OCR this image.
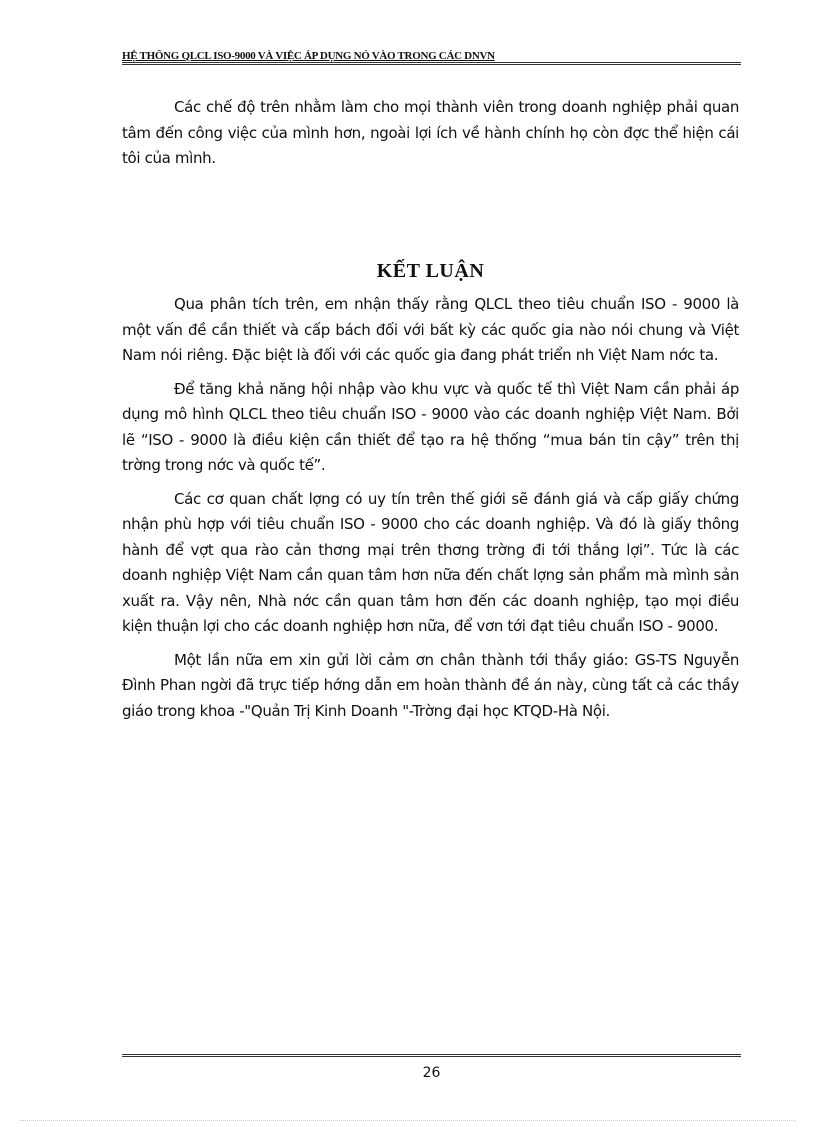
HỆ THỐNG QLCL ISO-9000 VÀ VIỆC ÁP DỤNG NÓ VÀO TRONG CÁC DNVN

Các chế độ trên nhằm làm cho mọi thành viên trong doanh nghiệp phải quan tâm đến công việc của mình hơn, ngoài lợi ích về hành chính họ còn đợc thể hiện cái tôi của mình.

KẾT LUẬN

Qua phân tích trên, em nhận thấy rằng QLCL theo tiêu chuẩn ISO - 9000 là một vấn đề cần thiết và cấp bách đối với bất kỳ các quốc gia nào nói chung và Việt Nam nói riêng. Đặc biệt là đối với các quốc gia đang phát triển nh Việt Nam nớc ta.

Để tăng khả năng hội nhập vào khu vực và quốc tế thì Việt Nam cần phải áp dụng mô hình QLCL theo tiêu chuẩn ISO - 9000 vào các doanh nghiệp Việt Nam. Bởi lẽ “ISO - 9000 là điều kiện cần thiết để tạo ra hệ thống “mua bán tin cậy” trên thị trờng trong nớc và quốc tế”.

Các cơ quan chất lợng có uy tín trên thế giới sẽ đánh giá và cấp giấy chứng nhận phù hợp với tiêu chuẩn ISO - 9000 cho các doanh nghiệp. Và đó là giấy thông hành để vợt qua rào cản thơng mại trên thơng trờng đi tới thắng lợi”. Tức là các doanh nghiệp Việt Nam cần quan tâm hơn nữa đến chất lợng sản phẩm mà mình sản xuất ra. Vậy nên, Nhà nớc cần quan tâm hơn đến các doanh nghiệp, tạo mọi điều kiện thuận lợi cho các doanh nghiệp hơn nữa, để vơn tới đạt tiêu chuẩn ISO - 9000.

Một lần nữa em xin gửi lời cảm ơn chân thành tới thầy giáo: GS-TS Nguyễn Đình Phan ngời đã trực tiếp hớng dẫn em hoàn thành đề án này, cùng tất cả các thầy giáo trong khoa -"Quản Trị Kinh Doanh "-Trờng đại học KTQD-Hà Nội.

26
